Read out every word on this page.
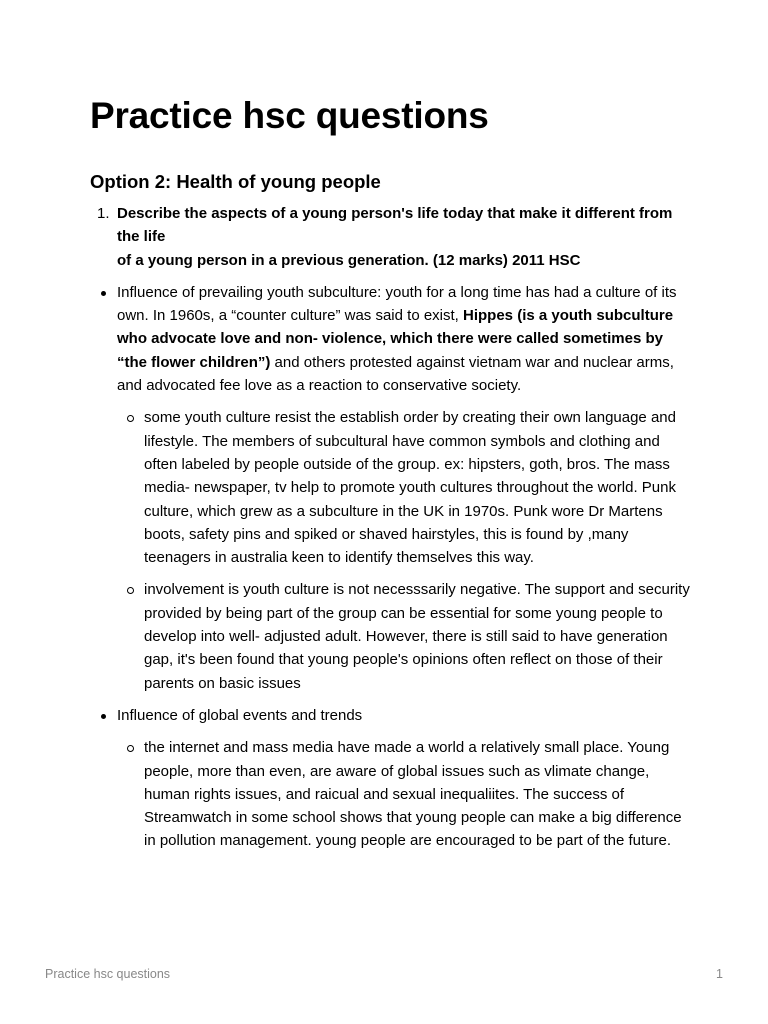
Practice hsc questions
Option 2: Health of young people
1. Describe the aspects of a young person's life today that make it different from
the life
of a young person in a previous generation. (12 marks) 2011 HSC
Influence of prevailing youth subculture: youth for a long time has had a culture of its own. In 1960s, a “counter culture” was said to exist, Hippes (is a youth subculture who advocate love and non- violence, which there were called sometimes by “the flower children”) and others protested against vietnam war and nuclear arms, and advocated fee love as a reaction to conservative society.
some youth culture resist the establish order by creating their own language and lifestyle. The members of subcultural have common symbols and clothing and often labeled by people outside of the group. ex: hipsters, goth, bros. The mass media- newspaper, tv help to promote youth cultures throughout the world. Punk culture, which grew as a subculture in the UK in 1970s. Punk wore Dr Martens boots, safety pins and spiked or shaved hairstyles, this is found by ,many teenagers in australia keen to identify themselves this way.
involvement is youth culture is not necesssarily negative. The support and security provided by being part of the group can be essential for some young people to develop into well- adjusted adult. However, there is still said to have generation gap, it's been found that young people's opinions often reflect on those of their parents on basic issues
Influence of global events and trends
the internet and mass media have made a world a relatively small place. Young people, more than even, are aware of global issues such as vlimate change, human rights issues, and raicual and sexual inequaliites. The success of Streamwatch in some school shows that young people can make a big difference in pollution management. young people are encouraged to be part of the future.
Practice hsc questions	1
